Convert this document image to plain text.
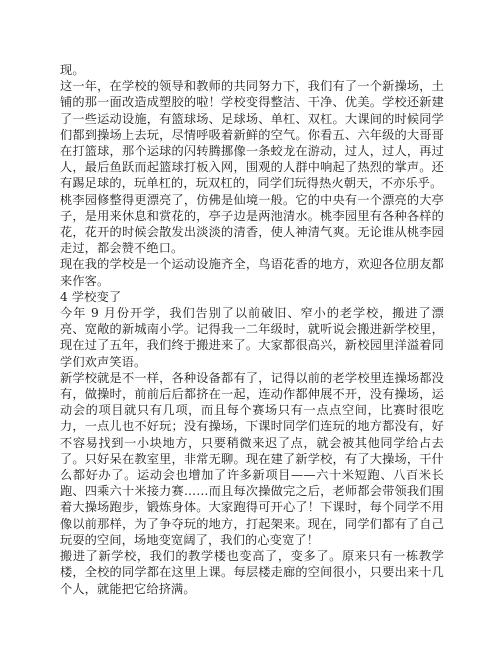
现。

这一年，在学校的领导和教师的共同努力下，我们有了一个新操场，土铺的那一面改造成塑胶的啦！学校变得整洁、干净、优美。学校还新建了一些运动设施，有篮球场、足球场、单杠、双杠。大课间的时候同学们都到操场上去玩，尽情呼吸着新鲜的空气。你看五、六年级的大哥哥在打篮球，那个运球的闪转腾挪像一条蛟龙在游动，过人，过人，再过人，最后鱼跃而起篮球打板入网，围观的人群中响起了热烈的掌声。还有踢足球的，玩单杠的，玩双杠的，同学们玩得热火朝天，不亦乐乎。

桃李园修整得更漂亮了，仿佛是仙境一般。它的中央有一个漂亮的大亭子，是用来休息和赏花的，亭子边是两池清水。桃李园里有各种各样的花，花开的时候会散发出淡淡的清香，使人神清气爽。无论谁从桃李园走过，都会赞不绝口。

现在我的学校是一个运动设施齐全，鸟语花香的地方，欢迎各位朋友都来作客。

4 学校变了

今年 9 月份开学，我们告别了以前破旧、窄小的老学校，搬进了漂亮、宽敞的新城南小学。记得我一二年级时，就听说会搬进新学校里，现在过了五年，我们终于搬进来了。大家都很高兴，新校园里洋溢着同学们欢声笑语。

新学校就是不一样，各种设备都有了，记得以前的老学校里连操场都没有，做操时，前前后后都挤在一起，连动作都伸展不开，没有操场，运动会的项目就只有几项，而且每个赛场只有一点点空间，比赛时很吃力，一点儿也不好玩；没有操场，下课时同学们连玩的地方都没有，好不容易找到一小块地方，只要稍微来迟了点，就会被其他同学给占去了。只好呆在教室里，非常无聊。现在建了新学校，有了大操场，干什么都好办了。运动会也增加了许多新项目——六十米短跑、八百米长跑、四乘六十米接力赛……而且每次操做完之后，老师都会带领我们围着大操场跑步，锻炼身体。大家跑得可开心了！下课时，每个同学不用像以前那样，为了争夺玩的地方，打起架来。现在，同学们都有了自己玩耍的空间，场地变宽阔了，我们的心变宽了！

搬进了新学校，我们的教学楼也变高了，变多了。原来只有一栋教学楼，全校的同学都在这里上课。每层楼走廊的空间很小，只要出来十几个人，就能把它给挤满。
